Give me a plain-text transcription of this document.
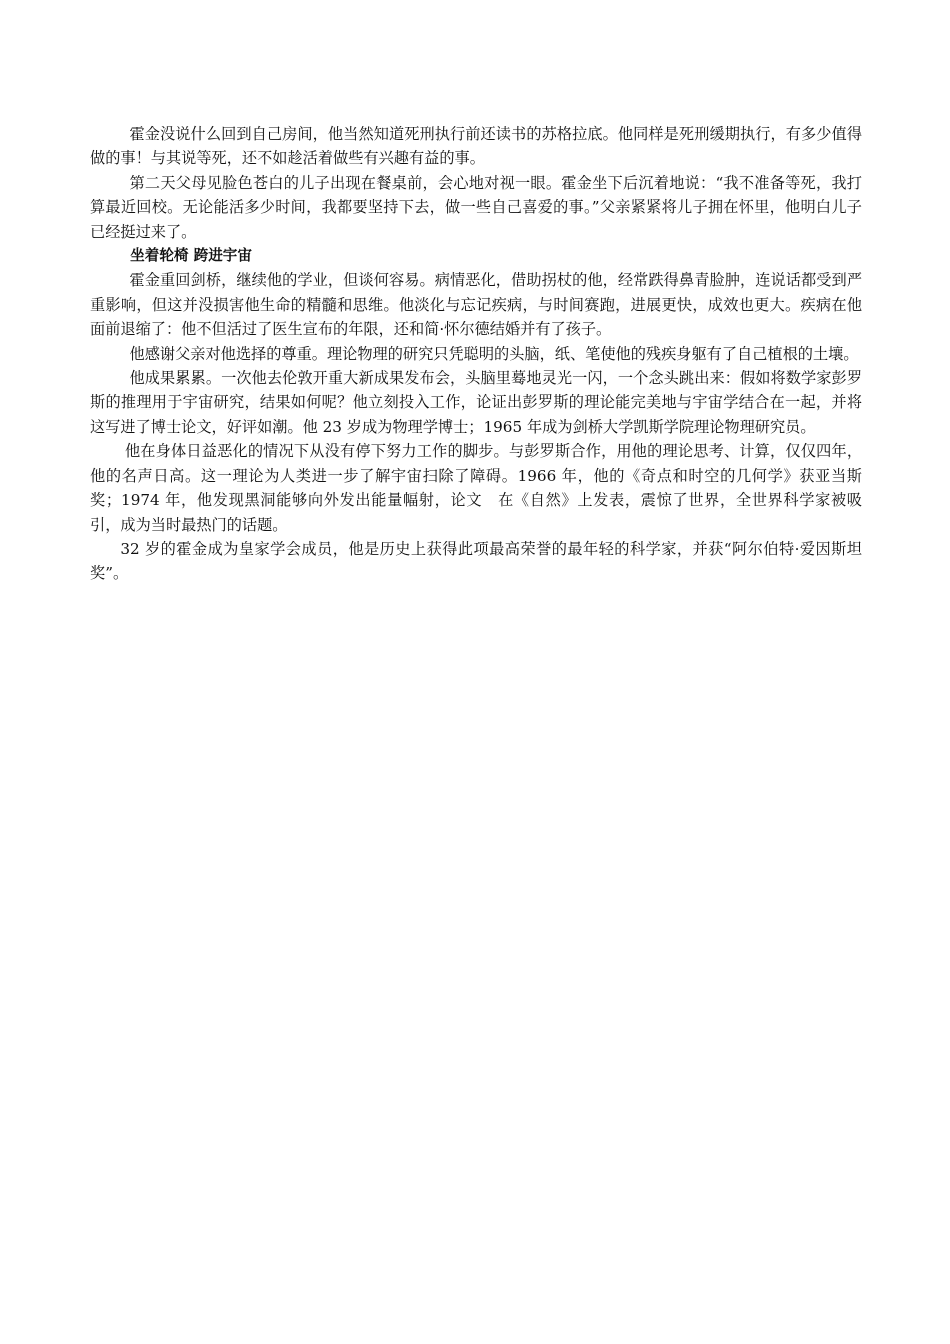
霍金没说什么回到自己房间，他当然知道死刑执行前还读书的苏格拉底。他同样是死刑缓期执行，有多少值得做的事！与其说等死，还不如趁活着做些有兴趣有益的事。

第二天父母见脸色苍白的儿子出现在餐桌前，会心地对视一眼。霍金坐下后沉着地说：“我不准备等死，我打算最近回校。无论能活多少时间，我都要坚持下去，做一些自己喜爱的事。”父亲紧紧将儿子拥在怀里，他明白儿子已经挺过来了。

坐着轮椅 跨进宇宙

霍金重回剑桥，继续他的学业，但谈何容易。病情恶化，借助拐杖的他，经常跌得鼻青脸肿，连说话都受到严重影响，但这并没损害他生命的精髓和思维。他淡化与忘记疾病，与时间赛跑，进展更快，成效也更大。疾病在他面前退缩了：他不但活过了医生宣布的年限，还和简·怀尔德结婚并有了孩子。

他感谢父亲对他选择的尊重。理论物理的研究只凭聪明的头脑，纸、笔使他的残疾身躯有了自己植根的土壤。

他成果累累。一次他去伦敦开重大新成果发布会，头脑里蓦地灵光一闪，一个念头跳出来：假如将数学家彭罗斯的推理用于宇宙研究，结果如何呢？他立刻投入工作，论证出彭罗斯的理论能完美地与宇宙学结合在一起，并将这写进了博士论文，好评如潮。他 23 岁成为物理学博士；1965 年成为剑桥大学凯斯学院理论物理研究员。

他在身体日益恶化的情况下从没有停下努力工作的脚步。与彭罗斯合作，用他的理论思考、计算，仅仅四年，他的名声日高。这一理论为人类进一步了解宇宙扫除了障碍。1966 年，他的《奇点和时空的几何学》获亚当斯奖；1974 年，他发现黑洞能够向外发出能量幅射，论文　在《自然》上发表，震惊了世界，全世界科学家被吸引，成为当时最热门的话题。

32 岁的霍金成为皇家学会成员，他是历史上获得此项最高荣誉的最年轻的科学家，并获“阿尔伯特·爱因斯坦奖”。
